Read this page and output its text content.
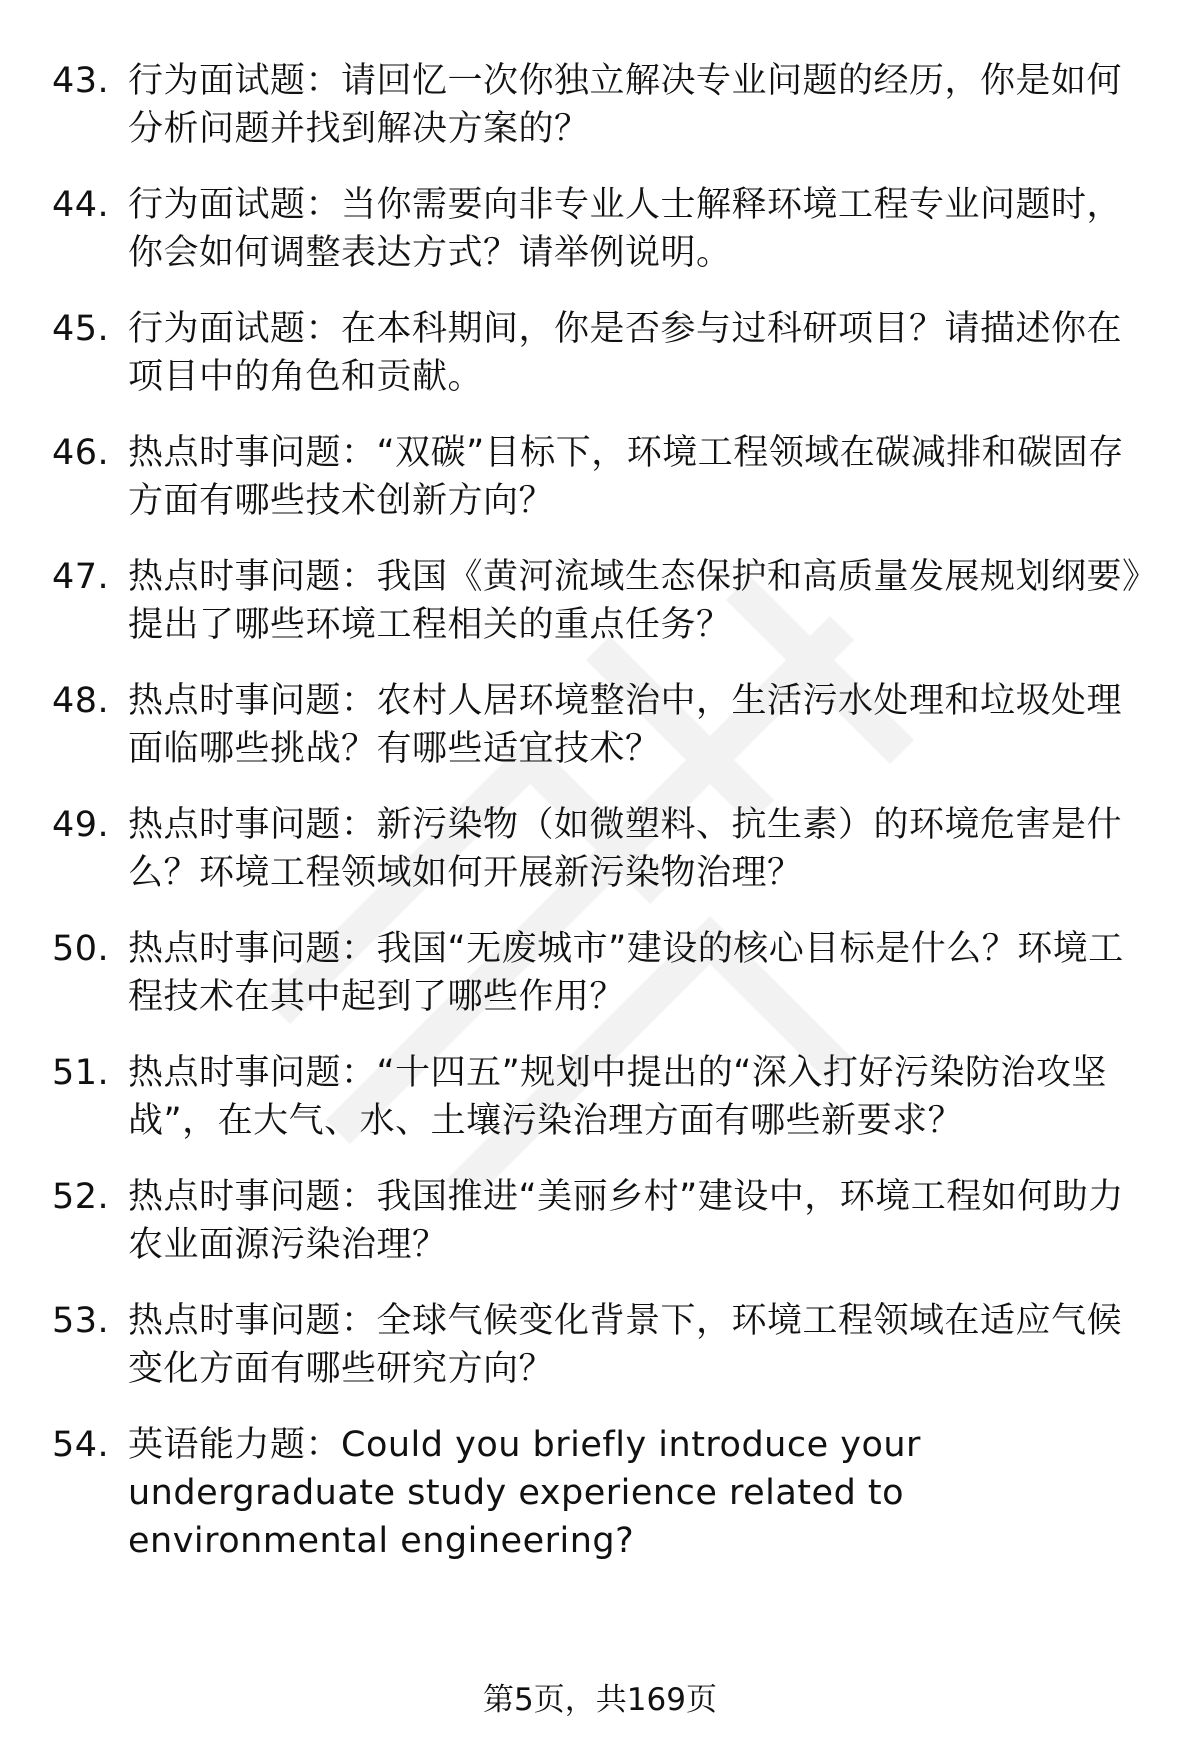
43. 行为面试题：请回忆一次你独立解决专业问题的经历，你是如何分析问题并找到解决方案的？
44. 行为面试题：当你需要向非专业人士解释环境工程专业问题时，你会如何调整表达方式？请举例说明。
45. 行为面试题：在本科期间，你是否参与过科研项目？请描述你在项目中的角色和贡献。
46. 热点时事问题：“双碳”目标下，环境工程领域在碳减排和碳固存方面有哪些技术创新方向？
47. 热点时事问题：我国《黄河流域生态保护和高质量发展规划纲要》提出了哪些环境工程相关的重点任务？
48. 热点时事问题：农村人居环境整治中，生活污水处理和垃圾处理面临哪些挑战？有哪些适宜技术？
49. 热点时事问题：新污染物（如微塑料、抗生素）的环境危害是什么？环境工程领域如何开展新污染物治理？
50. 热点时事问题：我国“无废城市”建设的核心目标是什么？环境工程技术在其中起到了哪些作用？
51. 热点时事问题：“十四五”规划中提出的“深入打好污染防治攻坚战”，在大气、水、土壤污染治理方面有哪些新要求？
52. 热点时事问题：我国推进“美丽乡村”建设中，环境工程如何助力农业面源污染治理？
53. 热点时事问题：全球气候变化背景下，环境工程领域在适应气候变化方面有哪些研究方向？
54. 英语能力题：Could you briefly introduce your undergraduate study experience related to environmental engineering?
第5页，共169页
